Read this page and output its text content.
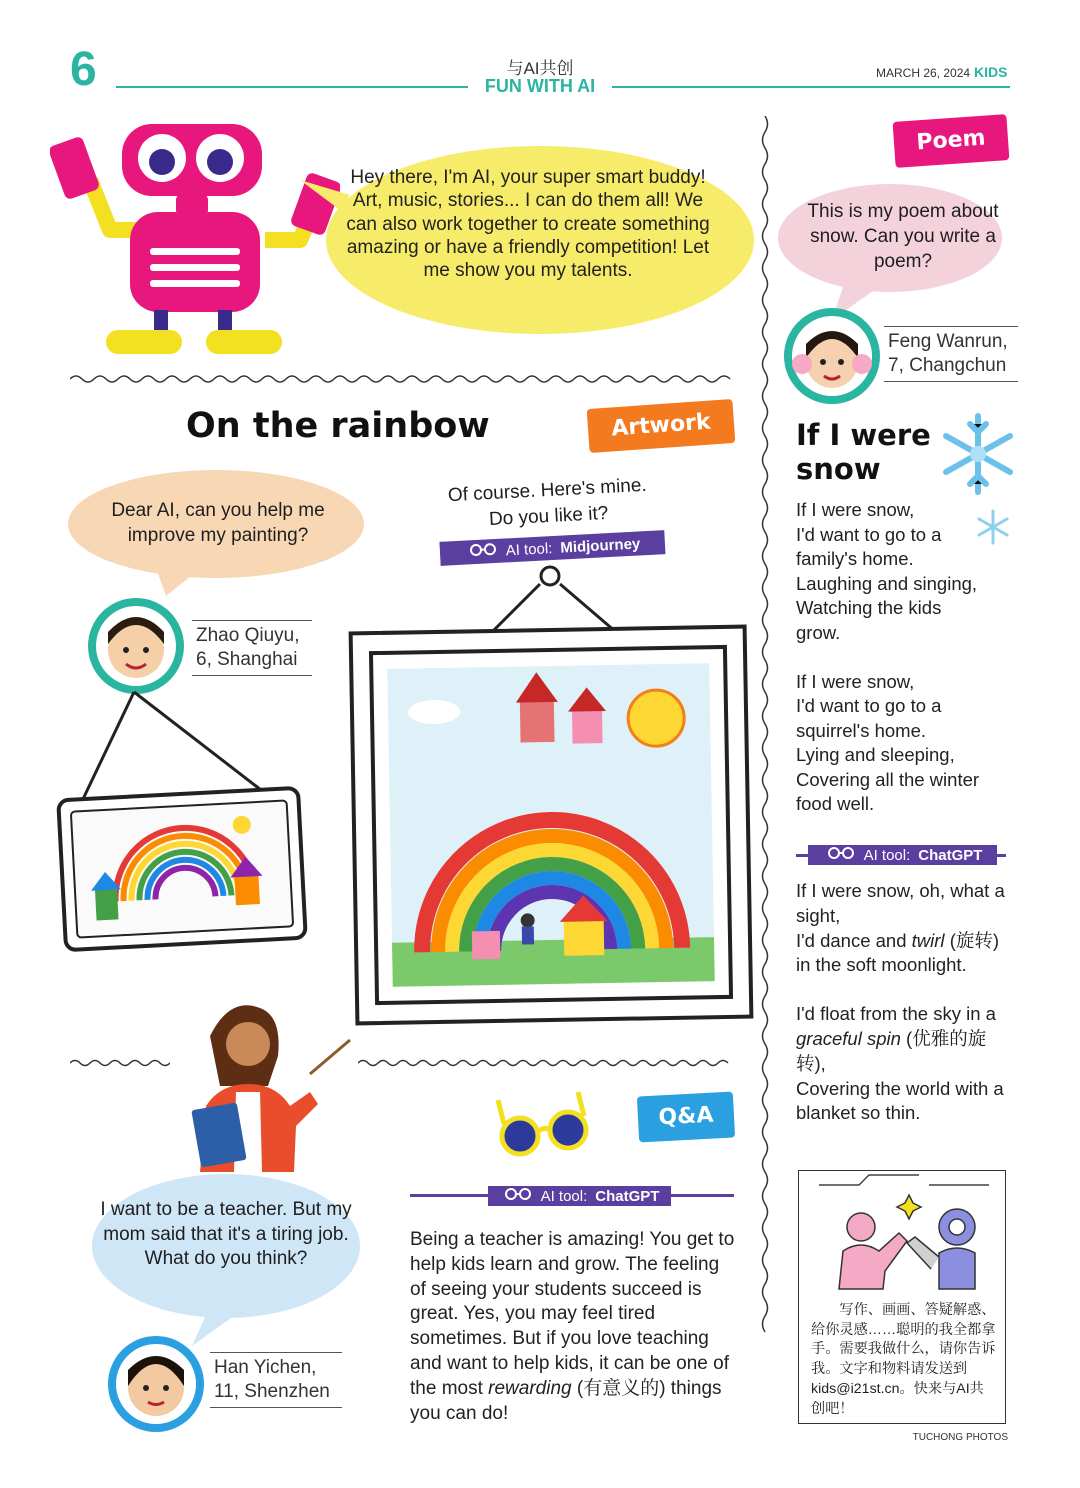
6	与AI共创
FUN WITH AI
MARCH 26, 2024 KIDS
Hey there, I'm AI, your super smart buddy! Art, music, stories... I can do them all! We can also work together to create something amazing or have a friendly competition! Let me show you my talents.
On the rainbow	Artwork
Dear AI, can you help me improve my painting?
Zhao Qiuyu,
6, Shanghai
Of course. Here's mine. Do you like it?
AI tool: Midjourney
Q&A
AI tool: ChatGPT
I want to be a teacher. But my mom said that it's a tiring job. What do you think?
Han Yichen,
11, Shenzhen
Being a teacher is amazing! You get to help kids learn and grow. The feeling of seeing your students succeed is great. Yes, you may feel tired sometimes. But if you love teaching and want to help kids, it can be one of the most rewarding (有意义的) things you can do!
Poem
This is my poem about snow. Can you write a poem?
Feng Wanrun,
7, Changchun
If I were snow
If I were snow,
I'd want to go to a
family's home.
Laughing and singing,
Watching the kids
grow.

If I were snow,
I'd want to go to a
squirrel's home.
Lying and sleeping,
Covering all the winter
food well.
AI tool: ChatGPT
If I were snow, oh, what a sight,
I'd dance and twirl (旋转) in the soft moonlight.
I'd float from the sky in a graceful spin (优雅的旋转),
Covering the world with a blanket so thin.
写作、画画、答疑解惑、给你灵感……聪明的我全都拿手。需要我做什么，请你告诉我。文字和物料请发送到kids@i21st.cn。快来与AI共创吧！
TUCHONG PHOTOS
